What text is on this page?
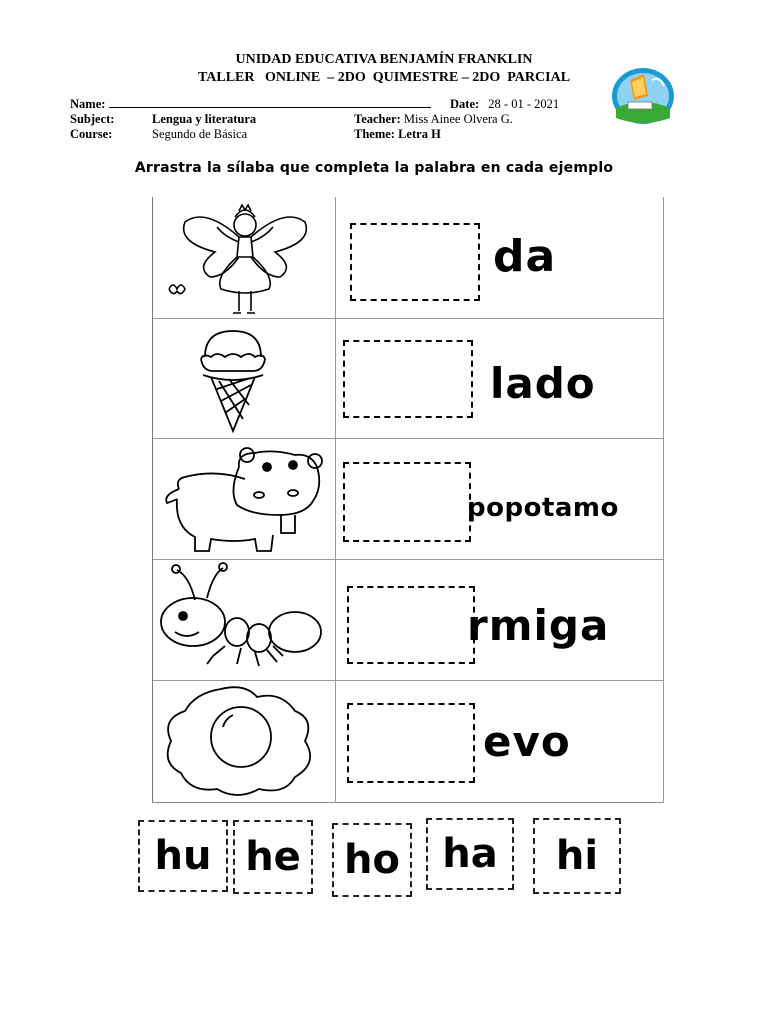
UNIDAD EDUCATIVA BENJAMÍN FRANKLIN
TALLER   ONLINE  – 2DO  QUIMESTRE – 2DO  PARCIAL
Name:	Date: 28 - 01 - 2021
Subject:	Lengua y literatura	Teacher: Miss Ainee Olvera G.
Course:	Segundo de Básica	Theme: Letra H
Arrastra la sílaba que completa la palabra en cada ejemplo
da
lado
popotamo
rmiga
evo
hu he	ho	ha	hi
